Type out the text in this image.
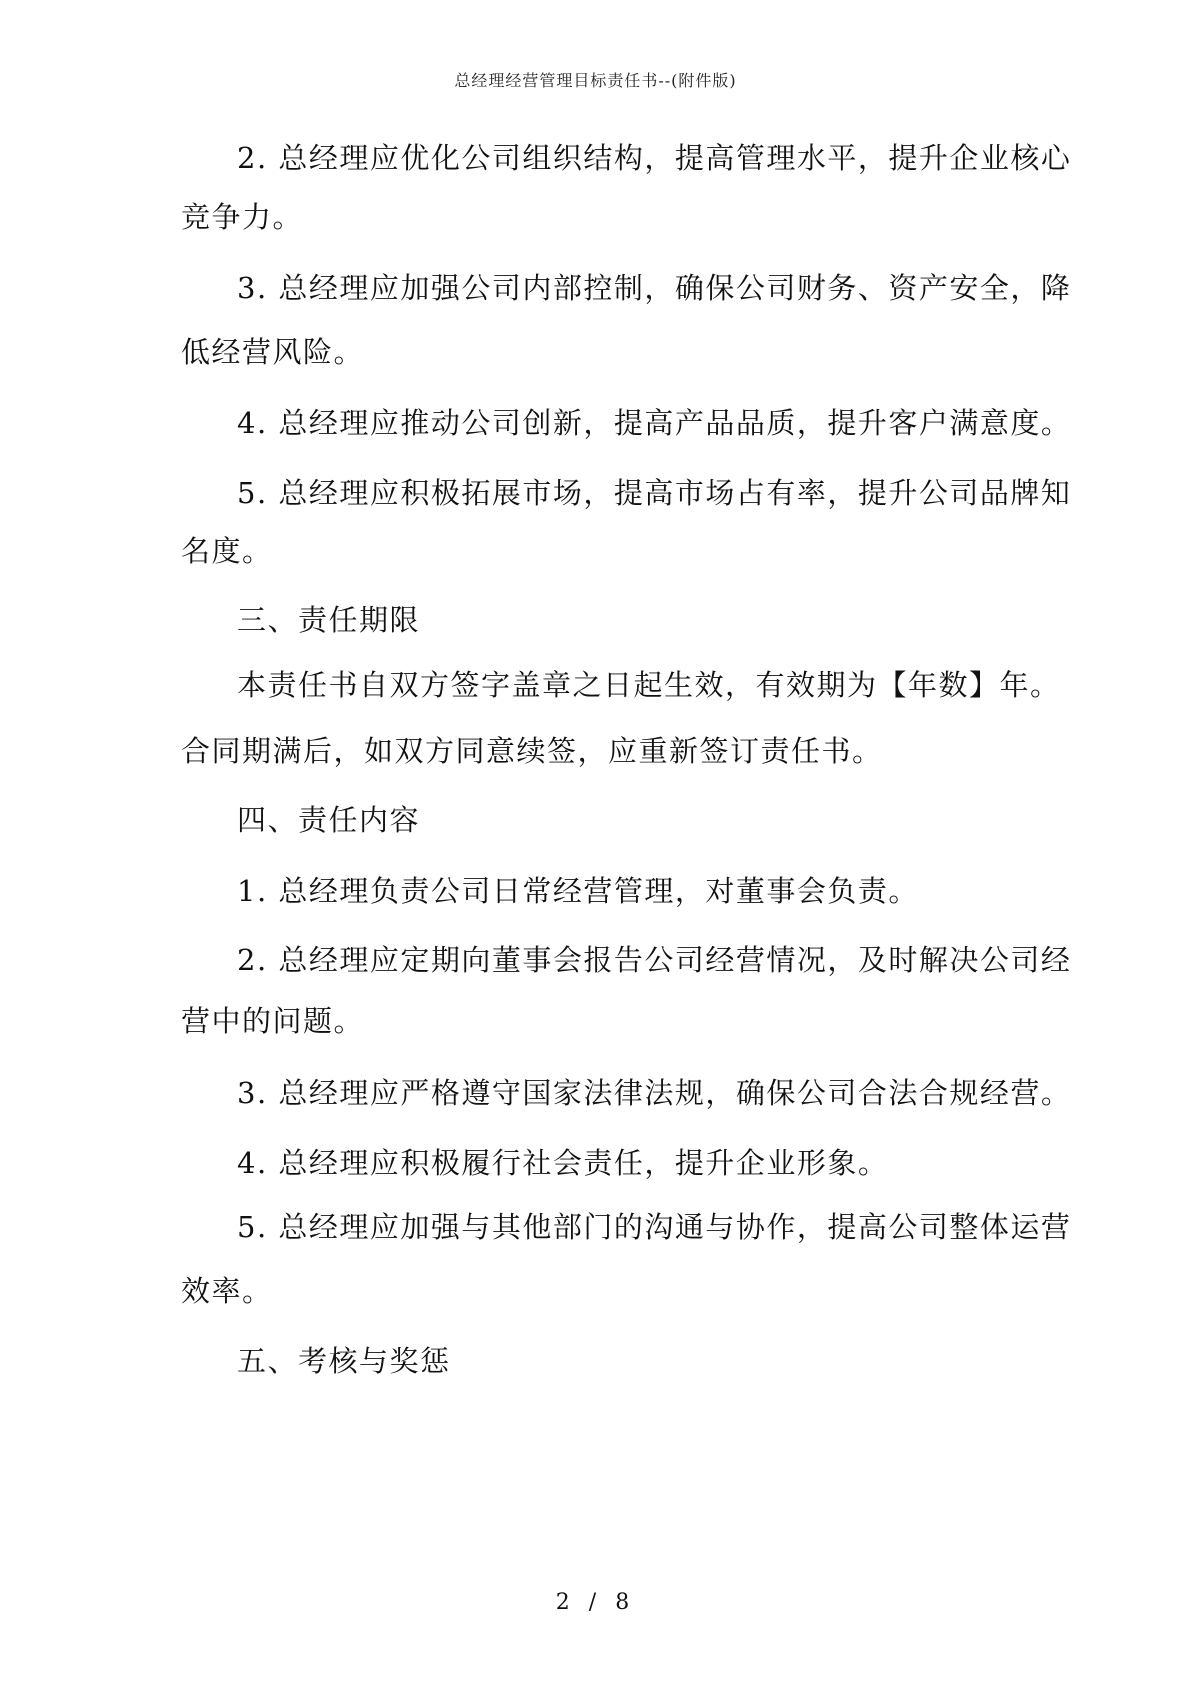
总经理经营管理目标责任书--(附件版)
2. 总经理应优化公司组织结构，提高管理水平，提升企业核心
竞争力。
3. 总经理应加强公司内部控制，确保公司财务、资产安全，降
低经营风险。
4. 总经理应推动公司创新，提高产品品质，提升客户满意度。
5. 总经理应积极拓展市场，提高市场占有率，提升公司品牌知
名度。
三、责任期限
本责任书自双方签字盖章之日起生效，有效期为【年数】年。
合同期满后，如双方同意续签，应重新签订责任书。
四、责任内容
1. 总经理负责公司日常经营管理，对董事会负责。
2. 总经理应定期向董事会报告公司经营情况，及时解决公司经
营中的问题。
3. 总经理应严格遵守国家法律法规，确保公司合法合规经营。
4. 总经理应积极履行社会责任，提升企业形象。
5. 总经理应加强与其他部门的沟通与协作，提高公司整体运营
效率。
五、考核与奖惩
2 / 8
